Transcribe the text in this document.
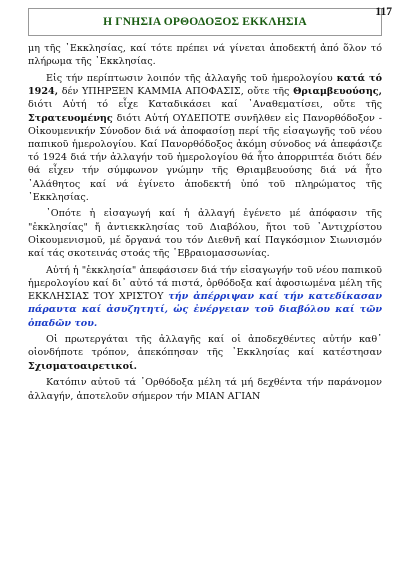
Η ΓΝΗΣΙΑ ΟΡΘΟΔΟΞΟΣ ΕΚΚΛΗΣΙΑ
117

μη τῆς ᾿Εκκλησίας, καί τότε πρέπει νά γίνεται ἀποδεκτή ἀπό ὅλον τό πλήρωμα τῆς ᾿Εκκλησίας.

Εἰς τήν περίπτωσιν λοιπόν τῆς ἀλλαγῆς τοῦ ἡμερολογίου κατά τό 1924, δέν ΥΠΗΡΞΕΝ ΚΑΜΜΙΑ ΑΠΟΦΑΣΙΣ, οὔτε τῆς Θριαμβευούσης, διότι Αὐτή τό εἶχε Καταδικάσει καί ᾿Αναθεματίσει, οὔτε τῆς Στρατευομένης διότι Αὐτή ΟΥΔΕΠΟΤΕ συνῆλθεν εἰς Πανορθόδοξον - Οἰκουμενικήν Σύνοδον διά νά ἀποφασίσῃ περί τῆς εἰσαγωγῆς τοῦ νέου παπικοῦ ἡμερολογίου. Καί Πανορθόδοξος ἀκόμη σύνοδος νά ἀπεφάσιζε τό 1924 διά τήν ἀλλαγήν τοῦ ἡμερολογίου θά ἦτο ἀπορριπτέα διότι δέν θά εἶχεν τήν σύμφωνον γνώμην τῆς Θριαμβευούσης διά νά ἦτο ᾿Αλάθητος καί νά ἐγίνετο ἀποδεκτή ὑπό τοῦ πληρώματος τῆς ᾿Εκκλησίας.

᾿Οπότε ἡ εἰσαγωγή καί ἡ ἀλλαγή ἐγένετο μέ ἀπόφασιν τῆς "ἐκκλησίας" ἤ ἀντιεκκλησίας τοῦ Διαβόλου, ἤτοι τοῦ ᾿Αντιχρίστου Οἰκουμενισμοῦ, μέ ὄργανά του τόν Διεθνῆ καί Παγκόσμιον Σιωνισμόν καί τάς σκοτεινάς στοάς τῆς ῾Εβραιομασσωνίας.

Αὐτή ἡ "ἐκκλησία" ἀπεφάσισεν διά τήν εἰσαγωγήν τοῦ νέου παπικοῦ ἡμερολογίου καί δι᾿ αὐτό τά πιστά, ὀρθόδοξα καί ἀφοσιωμένα μέλη τῆς ΕΚΚΛΗΣΙΑΣ ΤΟΥ ΧΡΙΣΤΟΥ τήν ἀπέρριψαν καί τήν κατεδίκασαν πάραυτα καί ἀσυζητητί, ὡς ἐνέργειαν τοῦ διαβόλου καί τῶν ὀπαδῶν του.

Οἱ πρωτεργάται τῆς ἀλλαγῆς καί οἱ ἀποδεχθέντες αὐτήν καθ᾿ οἱονδήποτε τρόπον, ἀπεκόπησαν τῆς ᾿Εκκλησίας καί κατέστησαν Σχισματοαιρετικοί.

Κατόπιν αὐτοῦ τά ᾿Ορθόδοξα μέλη τά μή δεχθέντα τήν παράνομον ἀλλαγήν, ἀποτελοῦν σήμερον τήν ΜΙΑΝ ΑΓΙΑΝ
